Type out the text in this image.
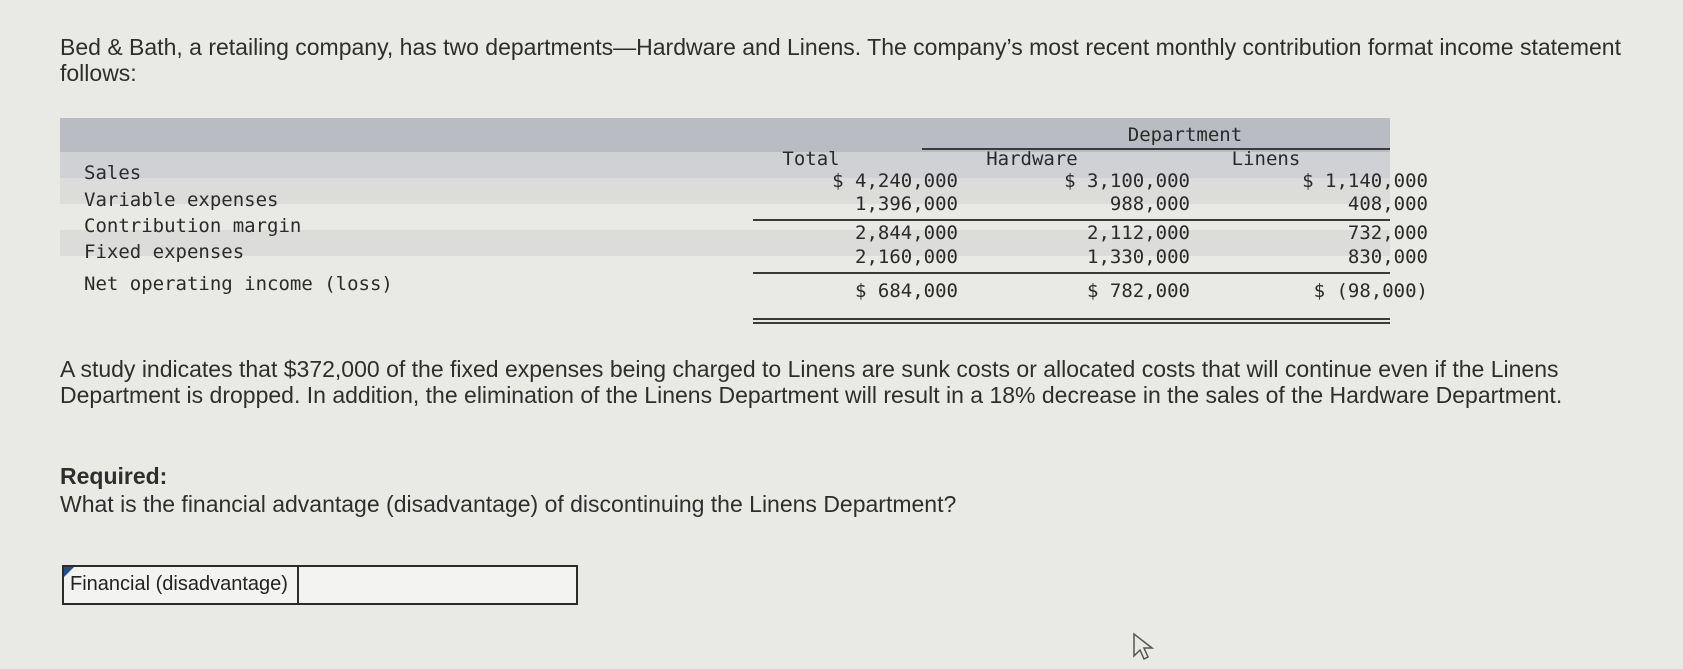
Bed & Bath, a retailing company, has two departments—Hardware and Linens. The company’s most recent monthly contribution format income statement follows:
Department
Total	Hardware	Linens
Sales	$ 4,240,000	$ 3,100,000	$ 1,140,000
Variable expenses	1,396,000	988,000	408,000
Contribution margin	2,844,000	2,112,000	732,000
Fixed expenses	2,160,000	1,330,000	830,000
Net operating income (loss)	$ 684,000	$ 782,000	$ (98,000)
A study indicates that $372,000 of the fixed expenses being charged to Linens are sunk costs or allocated costs that will continue even if the Linens Department is dropped. In addition, the elimination of the Linens Department will result in a 18% decrease in the sales of the Hardware Department.
Required:
What is the financial advantage (disadvantage) of discontinuing the Linens Department?
Financial (disadvantage)
